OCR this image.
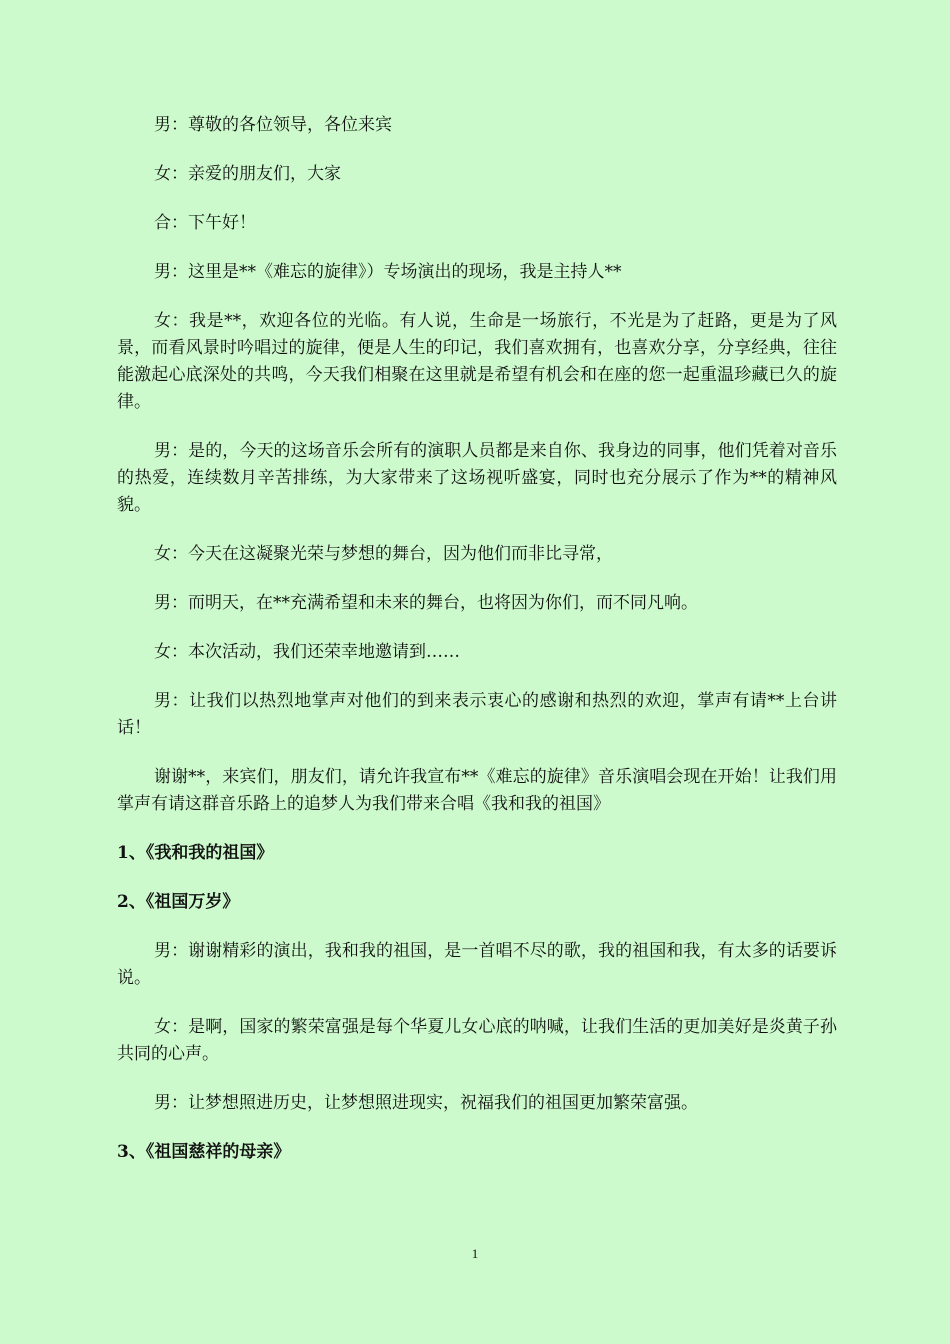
男：尊敬的各位领导，各位来宾

女：亲爱的朋友们，大家

合：下午好！

男：这里是**《难忘的旋律》）专场演出的现场，我是主持人**

女：我是**，欢迎各位的光临。有人说，生命是一场旅行，不光是为了赶路，更是为了风景，而看风景时吟唱过的旋律，便是人生的印记，我们喜欢拥有，也喜欢分享，分享经典，往往能激起心底深处的共鸣，今天我们相聚在这里就是希望有机会和在座的您一起重温珍藏已久的旋律。

男：是的，今天的这场音乐会所有的演职人员都是来自你、我身边的同事，他们凭着对音乐的热爱，连续数月辛苦排练，为大家带来了这场视听盛宴，同时也充分展示了作为**的精神风貌。

女：今天在这凝聚光荣与梦想的舞台，因为他们而非比寻常，

男：而明天，在**充满希望和未来的舞台，也将因为你们，而不同凡响。

女：本次活动，我们还荣幸地邀请到……

男：让我们以热烈地掌声对他们的到来表示衷心的感谢和热烈的欢迎，掌声有请**上台讲话！

谢谢**，来宾们，朋友们，请允许我宣布**《难忘的旋律》音乐演唱会现在开始！让我们用掌声有请这群音乐路上的追梦人为我们带来合唱《我和我的祖国》

1、《我和我的祖国》

2、《祖国万岁》

男：谢谢精彩的演出，我和我的祖国，是一首唱不尽的歌，我的祖国和我，有太多的话要诉说。

女：是啊，国家的繁荣富强是每个华夏儿女心底的呐喊，让我们生活的更加美好是炎黄子孙共同的心声。

男：让梦想照进历史，让梦想照进现实，祝福我们的祖国更加繁荣富强。

3、《祖国慈祥的母亲》

1
